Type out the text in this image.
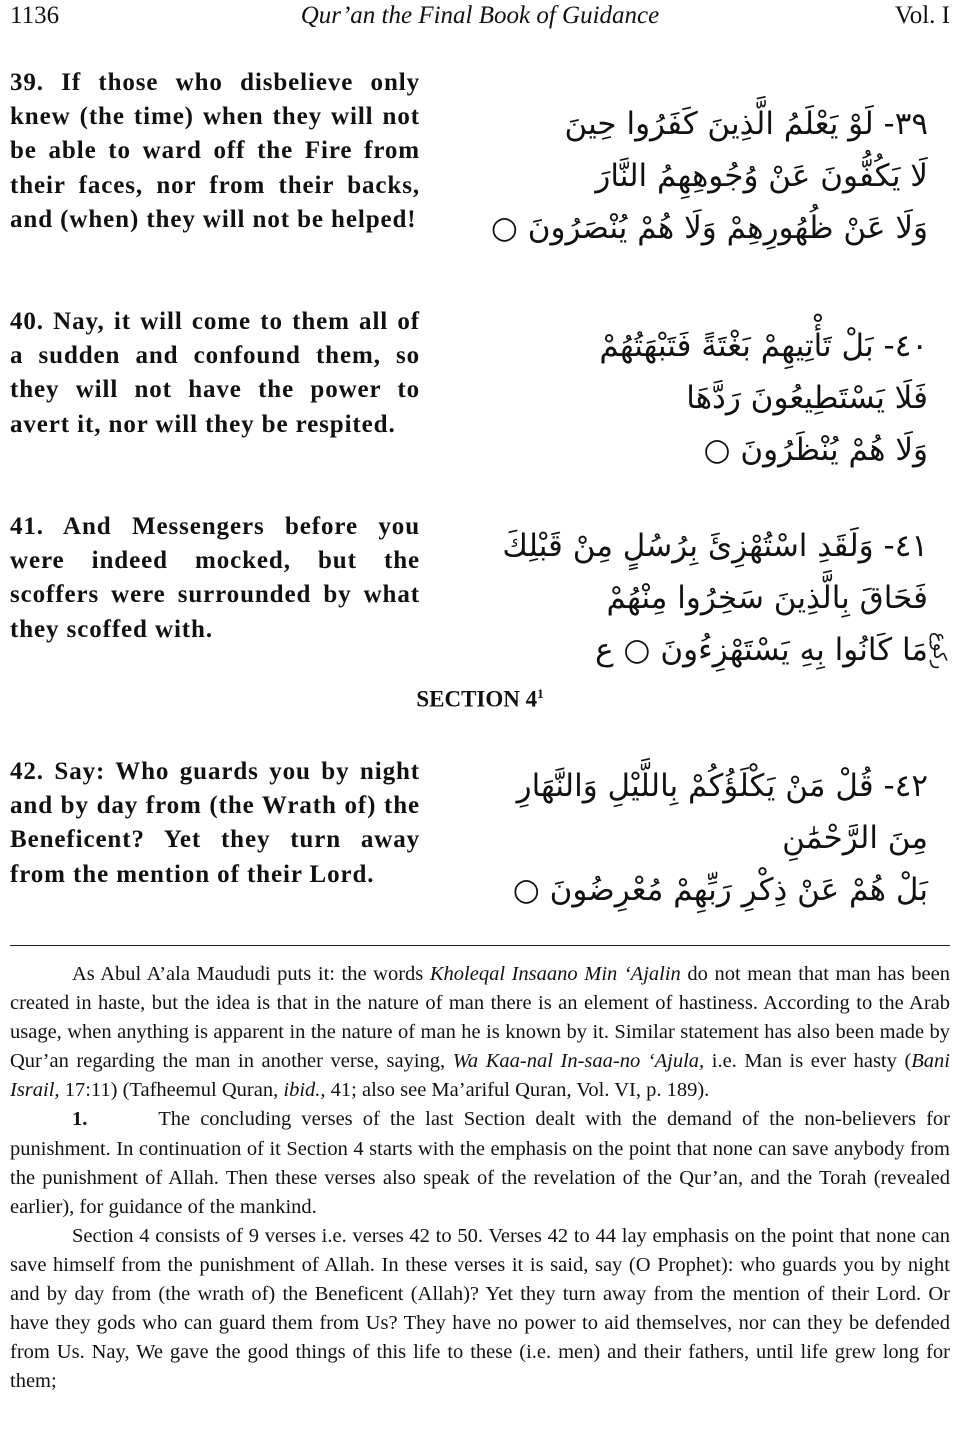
1136	Qur’an the Final Book of Guidance	Vol. I
39. If those who disbelieve only knew (the time) when they will not be able to ward off the Fire from their faces, nor from their backs, and (when) they will not be helped!
٣٩- لَوْ يَعْلَمُ الَّذِينَ كَفَرُوا حِينَ
لَا يَكُفُّونَ عَنْ وُجُوهِهِمُ النَّارَ
وَلَا عَنْ ظُهُورِهِمْ وَلَا هُمْ يُنْصَرُونَ ○
40. Nay, it will come to them all of a sudden and confound them, so they will not have the power to avert it, nor will they be respited.
٤٠- بَلْ تَأْتِيهِمْ بَغْتَةً فَتَبْهَتُهُمْ
فَلَا يَسْتَطِيعُونَ رَدَّهَا
وَلَا هُمْ يُنْظَرُونَ ○
41. And Messengers before you were indeed mocked, but the scoffers were surrounded by what they scoffed with.
٤١- وَلَقَدِ اسْتُهْزِئَ بِرُسُلٍ مِنْ قَبْلِكَ
فَحَاقَ بِالَّذِينَ سَخِرُوا مِنْهُمْ
مَا كَانُوا بِهِ يَسْتَهْزِءُونَ ○ ع رکوع
SECTION $4^1$
42. Say: Who guards you by night and by day from (the Wrath of) the Beneficent? Yet they turn away from the mention of their Lord.
٤٢- قُلْ مَنْ يَكْلَؤُكُمْ بِاللَّيْلِ وَالنَّهَارِ
مِنَ الرَّحْمَٰنِ
بَلْ هُمْ عَنْ ذِكْرِ رَبِّهِمْ مُعْرِضُونَ ○

As Abul A’ala Maududi puts it: the words Kholeqal Insaano Min ‘Ajalin do not mean that man has been created in haste, but the idea is that in the nature of man there is an element of hastiness. According to the Arab usage, when anything is apparent in the nature of man he is known by it. Similar statement has also been made by Qur’an regarding the man in another verse, saying, Wa Kaa-nal In-saa-no ‘Ajula, i.e. Man is ever hasty (Bani Israil, 17:11) (Tafheemul Quran, ibid., 41; also see Ma’ariful Quran, Vol. VI, p. 189).

1.	The concluding verses of the last Section dealt with the demand of the non-believers for punishment. In continuation of it Section 4 starts with the emphasis on the point that none can save anybody from the punishment of Allah. Then these verses also speak of the revelation of the Qur’an, and the Torah (revealed earlier), for guidance of the mankind.

Section 4 consists of 9 verses i.e. verses 42 to 50. Verses 42 to 44 lay emphasis on the point that none can save himself from the punishment of Allah. In these verses it is said, say (O Prophet): who guards you by night and by day from (the wrath of) the Beneficent (Allah)? Yet they turn away from the mention of their Lord. Or have they gods who can guard them from Us? They have no power to aid themselves, nor can they be defended from Us. Nay, We gave the good things of this life to these (i.e. men) and their fathers, until life grew long for them;
